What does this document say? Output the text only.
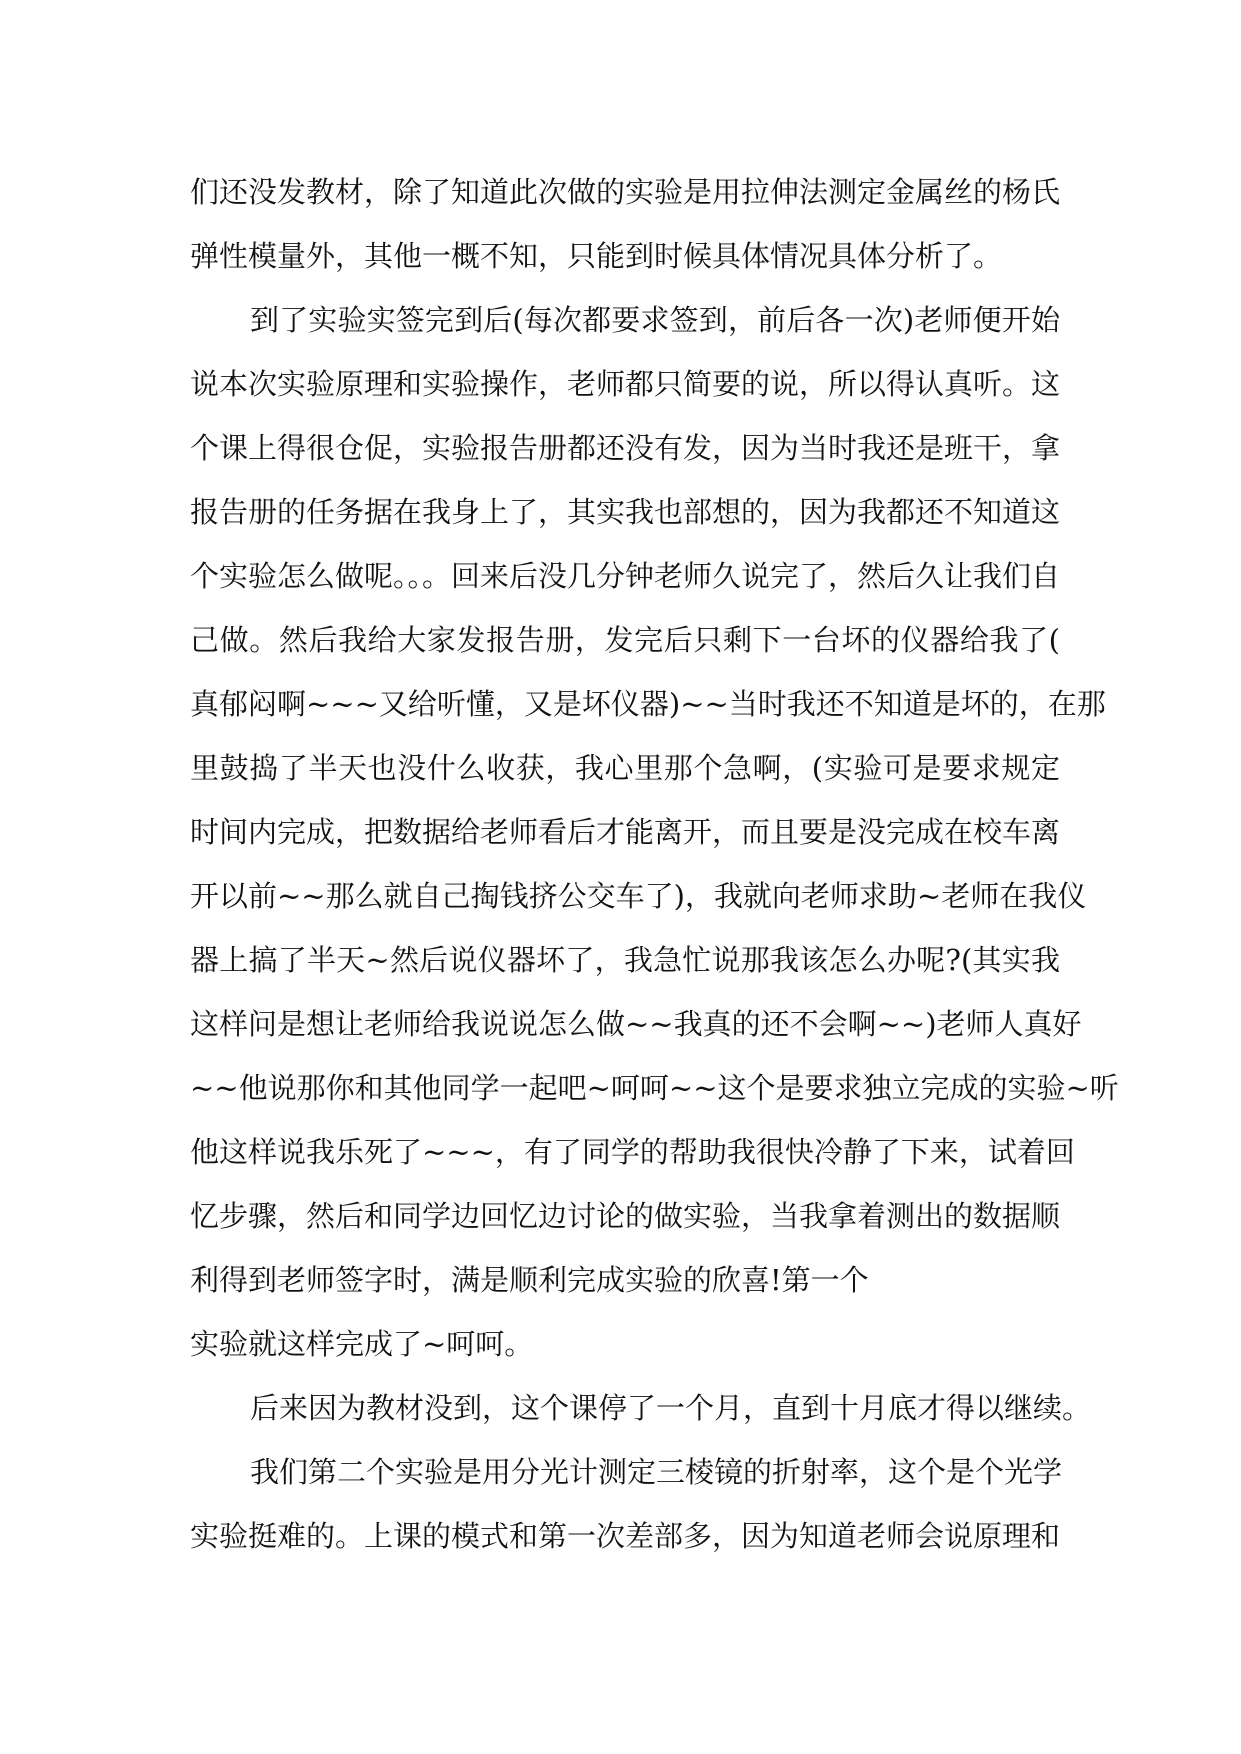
们还没发教材，除了知道此次做的实验是用拉伸法测定金属丝的杨氏
弹性模量外，其他一概不知，只能到时候具体情况具体分析了。
到了实验实签完到后(每次都要求签到，前后各一次)老师便开始
说本次实验原理和实验操作，老师都只简要的说，所以得认真听。这
个课上得很仓促，实验报告册都还没有发，因为当时我还是班干，拿
报告册的任务据在我身上了，其实我也部想的，因为我都还不知道这
个实验怎么做呢。。。回来后没几分钟老师久说完了，然后久让我们自
己做。然后我给大家发报告册，发完后只剩下一台坏的仪器给我了(
真郁闷啊~~~又给听懂，又是坏仪器)~~当时我还不知道是坏的，在那
里鼓捣了半天也没什么收获，我心里那个急啊，(实验可是要求规定
时间内完成，把数据给老师看后才能离开，而且要是没完成在校车离
开以前~~那么就自己掏钱挤公交车了)，我就向老师求助~老师在我仪
器上搞了半天~然后说仪器坏了，我急忙说那我该怎么办呢?(其实我
这样问是想让老师给我说说怎么做~~我真的还不会啊~~)老师人真好
~~他说那你和其他同学一起吧~呵呵~~这个是要求独立完成的实验~听
他这样说我乐死了~~~，有了同学的帮助我很快冷静了下来，试着回
忆步骤，然后和同学边回忆边讨论的做实验，当我拿着测出的数据顺
利得到老师签字时，满是顺利完成实验的欣喜!第一个
实验就这样完成了~呵呵。
后来因为教材没到，这个课停了一个月，直到十月底才得以继续。
我们第二个实验是用分光计测定三棱镜的折射率，这个是个光学
实验挺难的。上课的模式和第一次差部多，因为知道老师会说原理和
